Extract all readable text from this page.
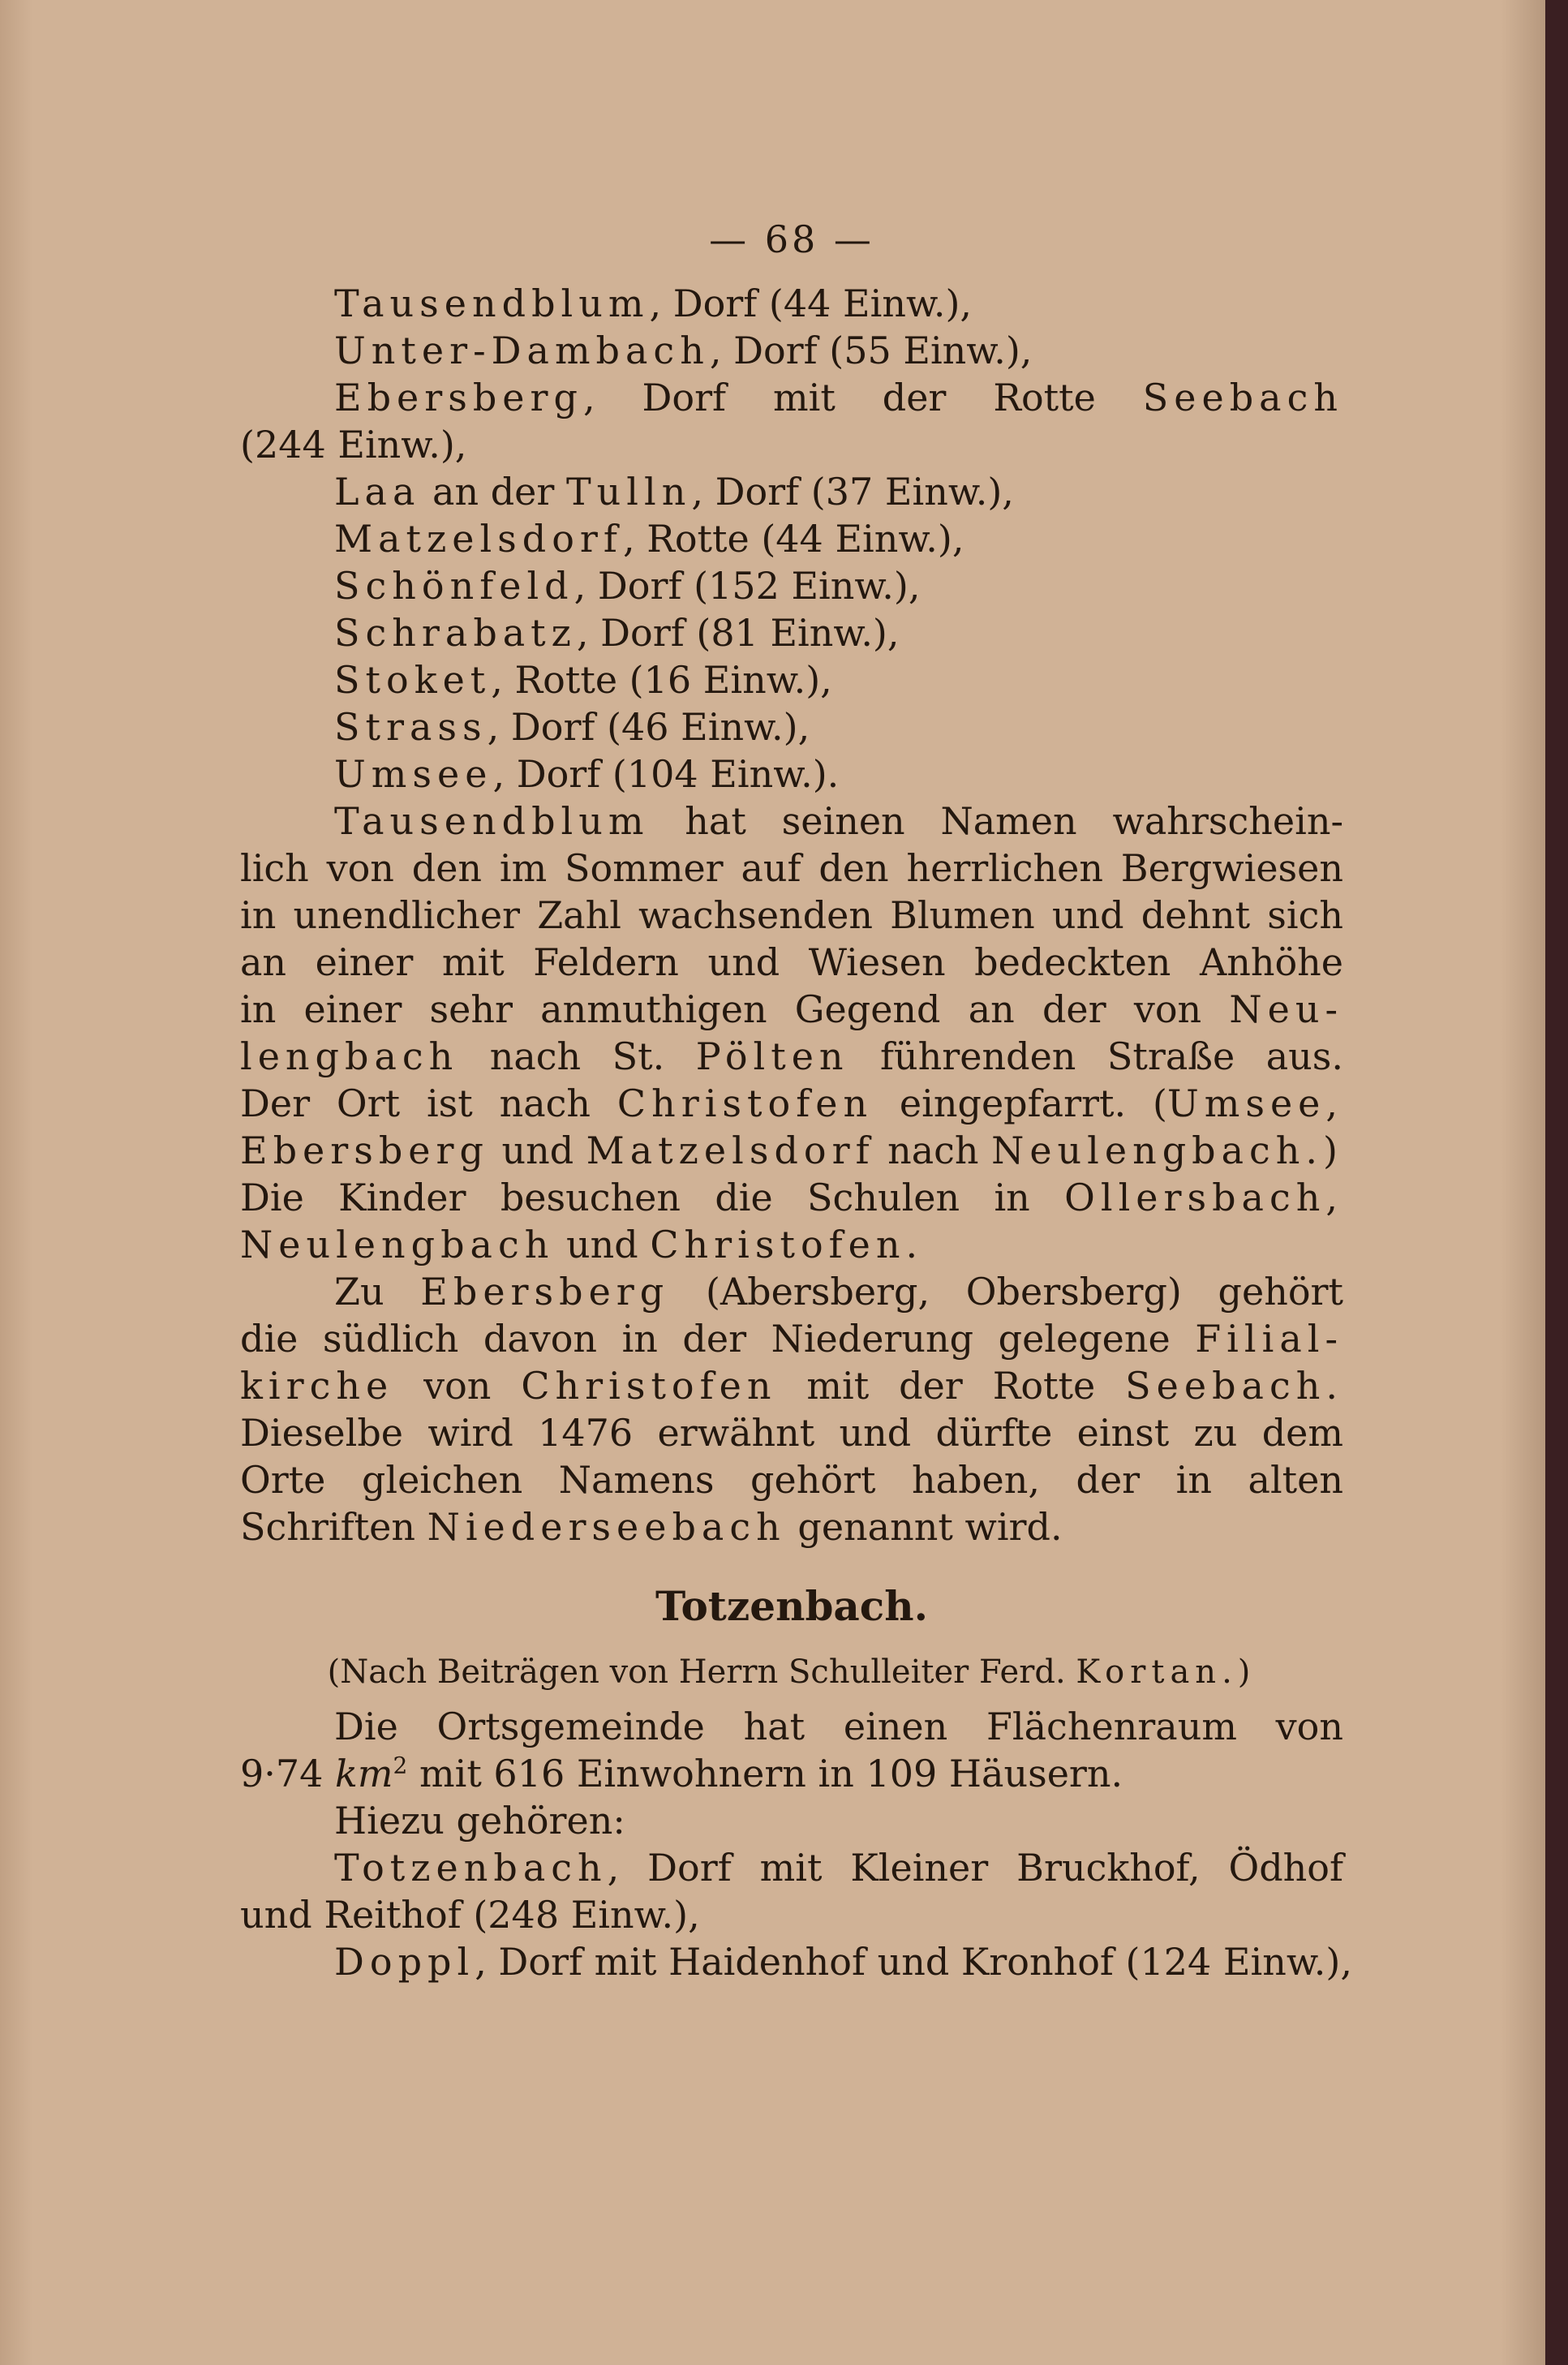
— 68 —
Tausendblum, Dorf (44 Einw.),
Unter-Dambach, Dorf (55 Einw.),
Ebersberg, Dorf mit der Rotte Seebach
(244 Einw.),
Laa an der Tulln, Dorf (37 Einw.),
Matzelsdorf, Rotte (44 Einw.),
Schönfeld, Dorf (152 Einw.),
Schrabatz, Dorf (81 Einw.),
Stoket, Rotte (16 Einw.),
Strass, Dorf (46 Einw.),
Umsee, Dorf (104 Einw.).
Tausendblum hat seinen Namen wahrschein-
lich von den im Sommer auf den herrlichen Bergwiesen
in unendlicher Zahl wachsenden Blumen und dehnt sich
an einer mit Feldern und Wiesen bedeckten Anhöhe
in einer sehr anmuthigen Gegend an der von Neu-
lengbach nach St. Pölten führenden Straße aus.
Der Ort ist nach Christofen eingepfarrt. (Umsee,
Ebersberg und Matzelsdorf nach Neulengbach.)
Die Kinder besuchen die Schulen in Ollersbach,
Neulengbach und Christofen.
Zu Ebersberg (Abersberg, Obersberg) gehört
die südlich davon in der Niederung gelegene Filial-
kirche von Christofen mit der Rotte Seebach.
Dieselbe wird 1476 erwähnt und dürfte einst zu dem
Orte gleichen Namens gehört haben, der in alten
Schriften Niederseebach genannt wird.
Totzenbach.
(Nach Beiträgen von Herrn Schulleiter Ferd. Kortan.)
Die Ortsgemeinde hat einen Flächenraum von
9·74 $km^2$ mit 616 Einwohnern in 109 Häusern.
Hiezu gehören:
Totzenbach, Dorf mit Kleiner Bruckhof, Ödhof
und Reithof (248 Einw.),
Doppl, Dorf mit Haidenhof und Kronhof (124 Einw.),
